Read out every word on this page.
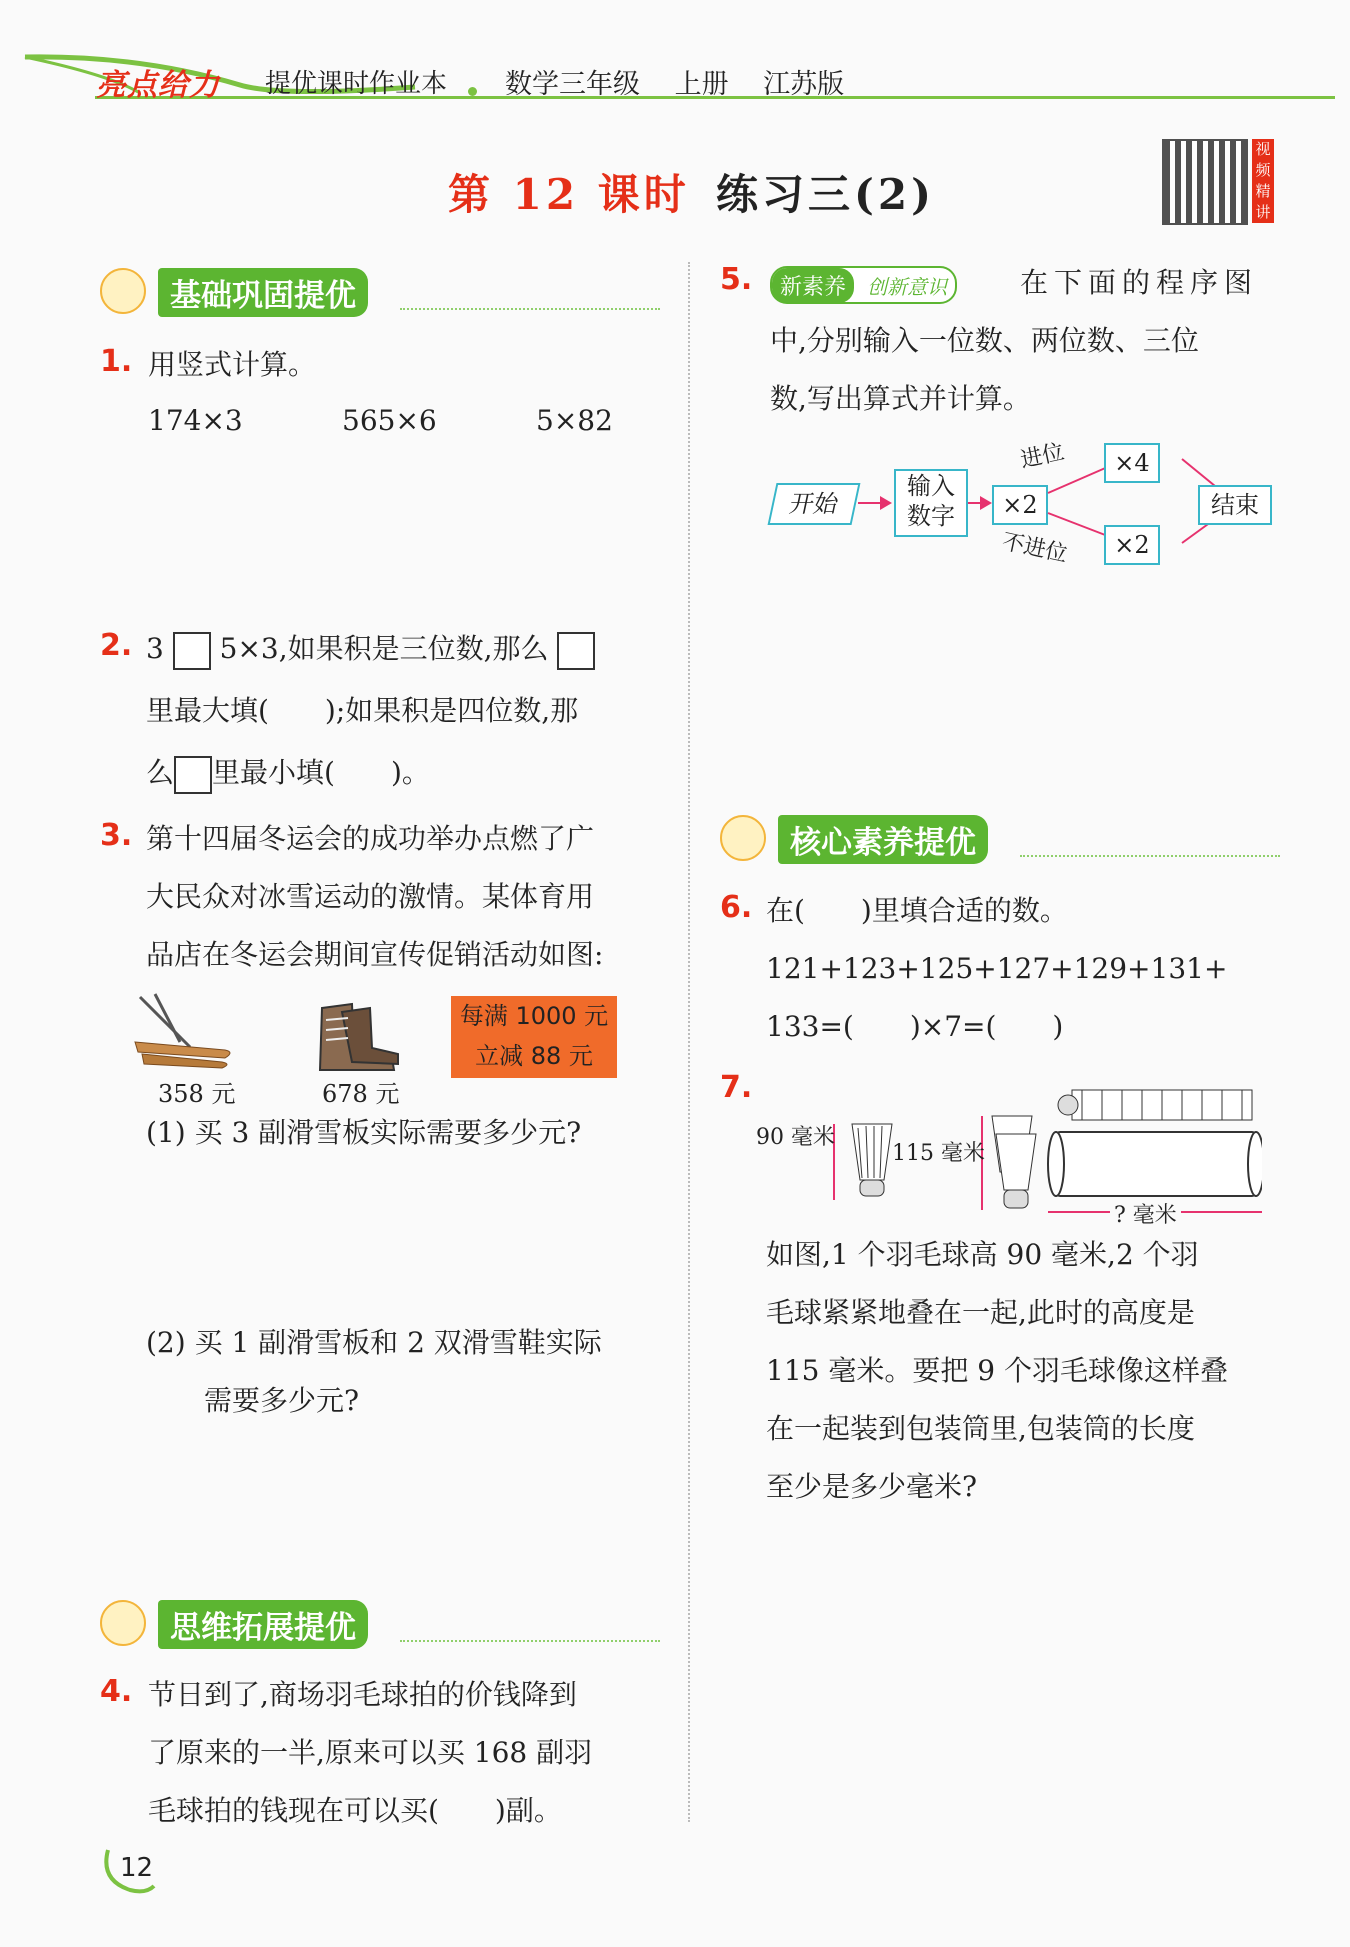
亮点给力 提优课时作业本 数学三年级 上册 江苏版
第 12 课时 练习三(2)
视频精讲
基础巩固提优
1. 用竖式计算。
174×3	565×6	5×82
2. 3 5×3,如果积是三位数,那么
里最大填(　　);如果积是四位数,那
么 里最小填(　　)。
3. 第十四届冬运会的成功举办点燃了广
大民众对冰雪运动的激情。某体育用
品店在冬运会期间宣传促销活动如图:
每满 1000 元
立减 88 元
358 元	678 元
(1) 买 3 副滑雪板实际需要多少元?
(2) 买 1 副滑雪板和 2 双滑雪鞋实际
需要多少元?
思维拓展提优
4. 节日到了,商场羽毛球拍的价钱降到
了原来的一半,原来可以买 168 副羽
毛球拍的钱现在可以买(　　)副。
5.	新素养 创新意识	在下面的程序图
中,分别输入一位数、两位数、三位
数,写出算式并计算。
开始
输入
数字	×2
进位
不进位
×4
×2
结束
核心素养提优
6. 在(　　)里填合适的数。
121+123+125+127+129+131+
133=(　　)×7=(　　)
7.
90 毫米
115 毫米
? 毫米
如图,1 个羽毛球高 90 毫米,2 个羽
毛球紧紧地叠在一起,此时的高度是
115 毫米。要把 9 个羽毛球像这样叠
在一起装到包装筒里,包装筒的长度
至少是多少毫米?
12
